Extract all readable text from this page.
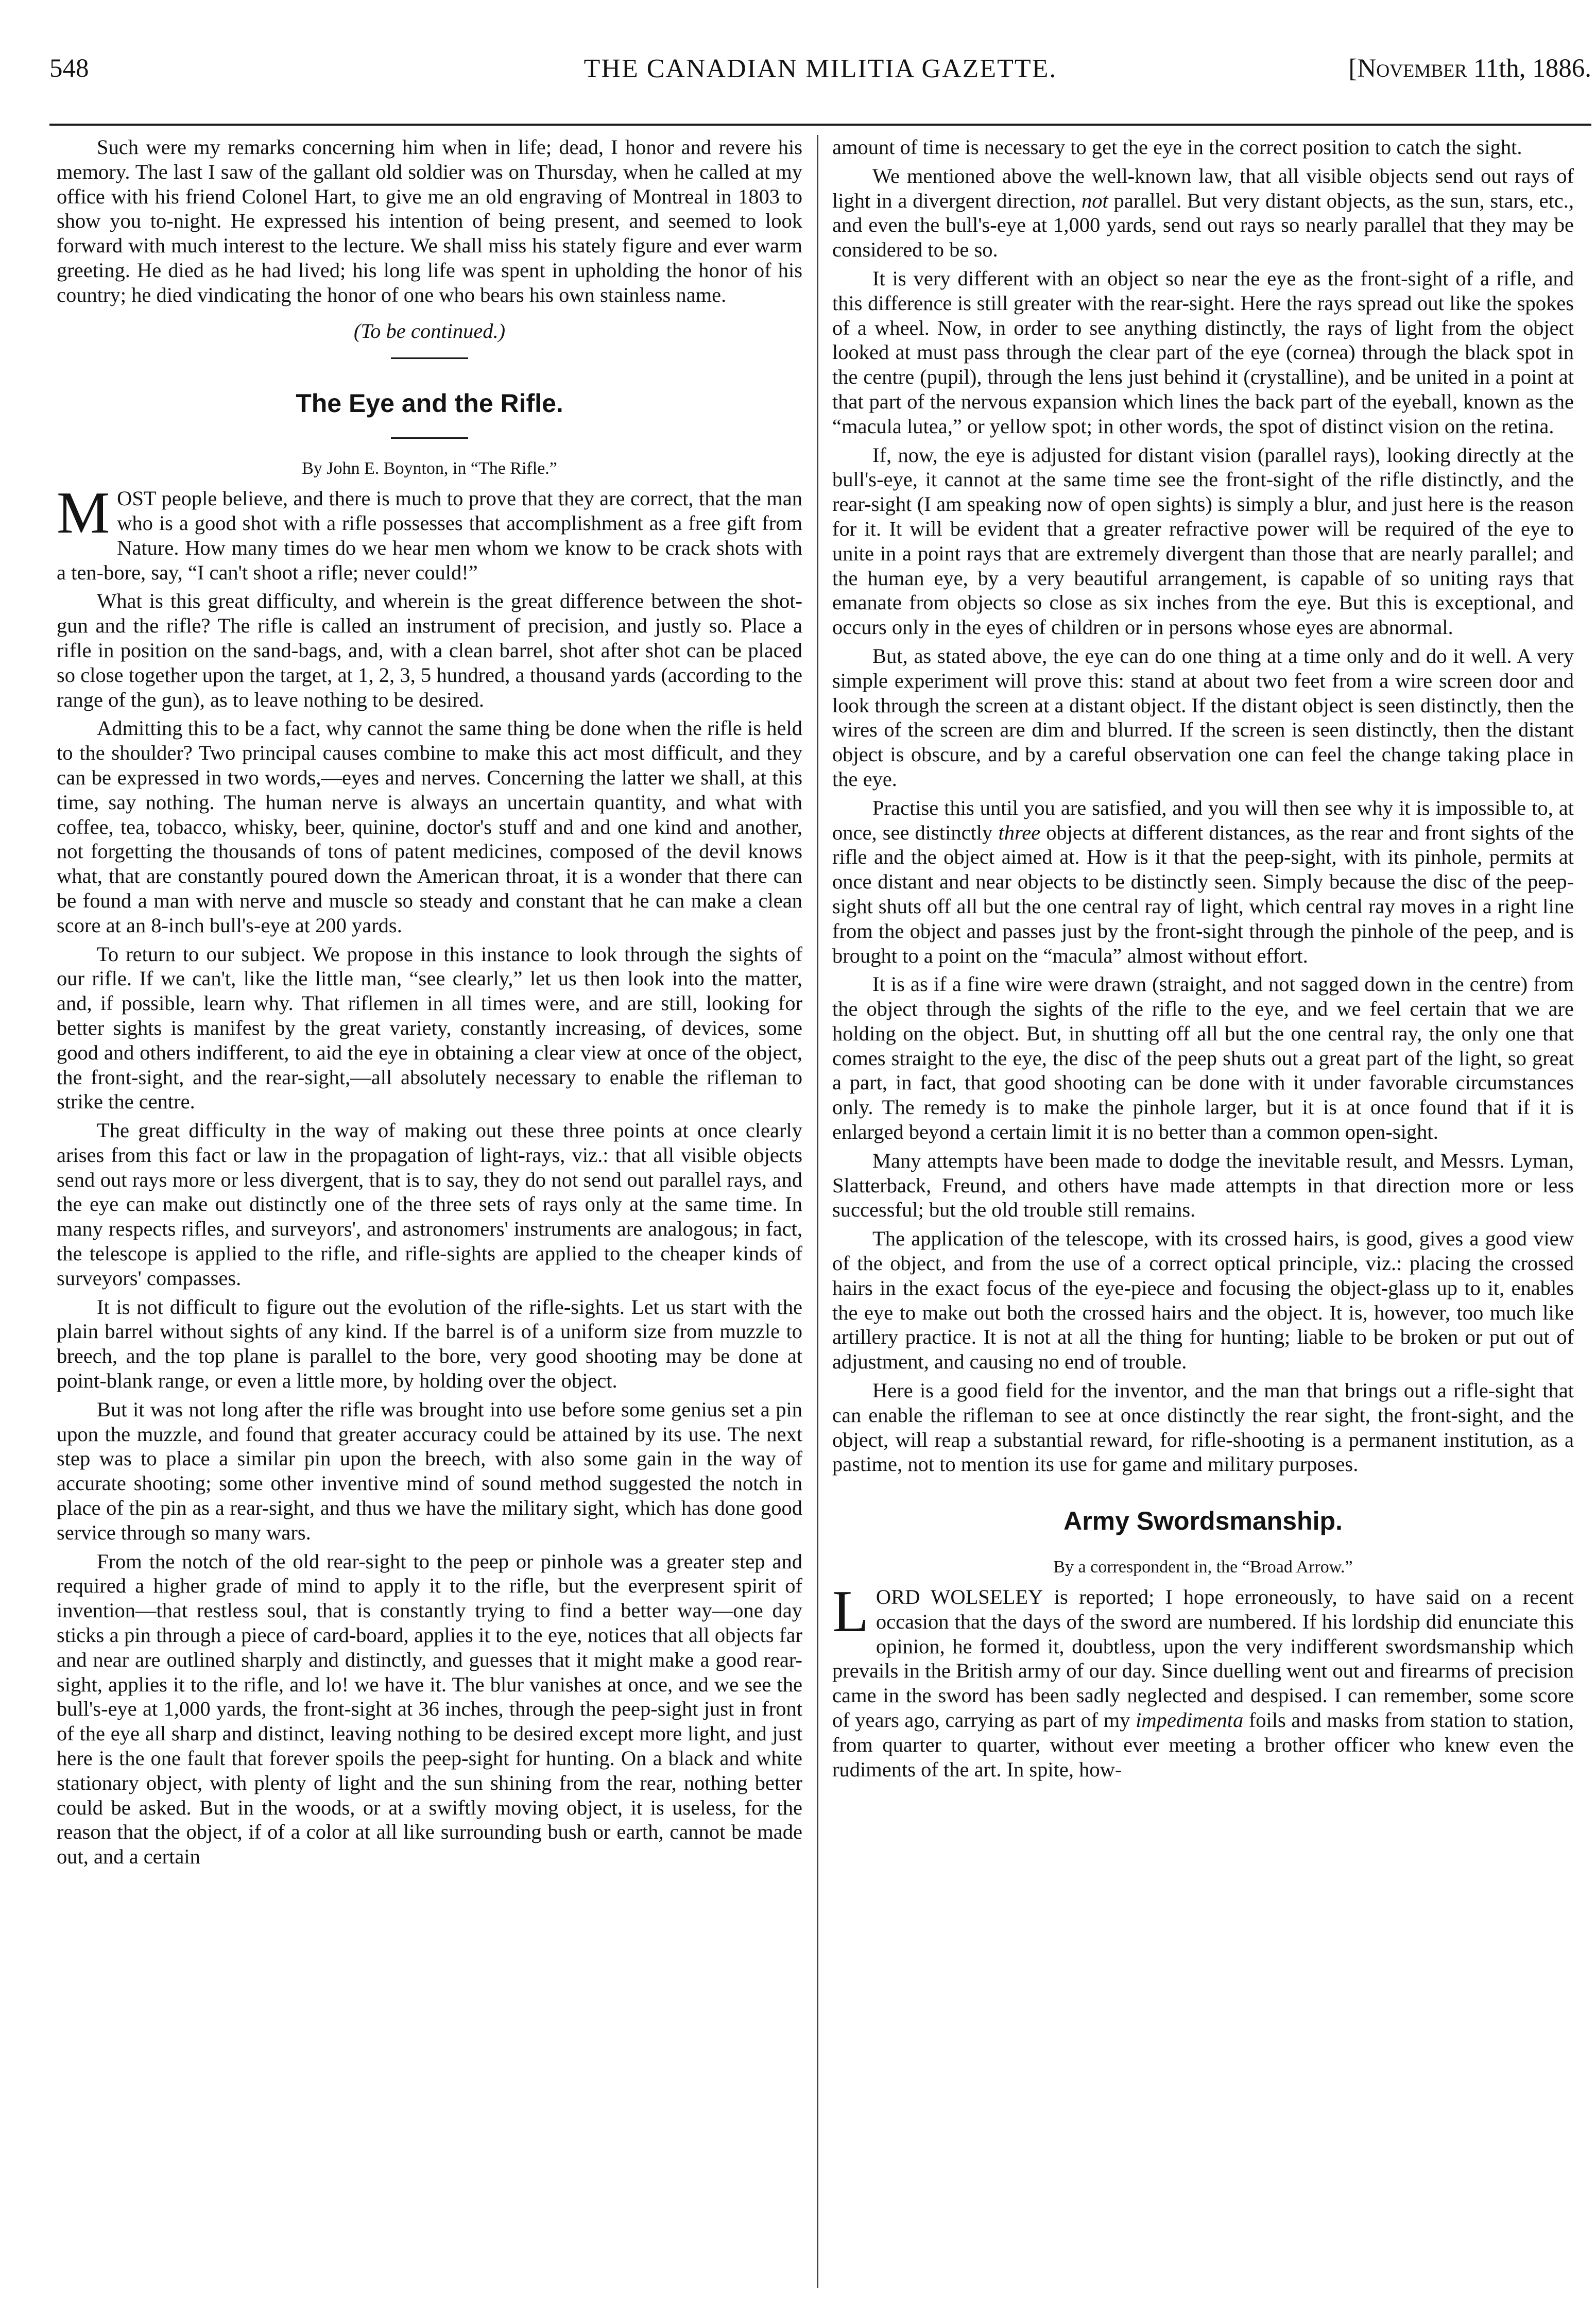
548	THE CANADIAN MILITIA GAZETTE.	[November 11th, 1886.

Such were my remarks concerning him when in life; dead, I honor and revere his memory. The last I saw of the gallant old soldier was on Thursday, when he called at my office with his friend Colonel Hart, to give me an old engraving of Montreal in 1803 to show you to-night. He expressed his intention of being present, and seemed to look forward with much interest to the lecture. We shall miss his stately figure and ever warm greeting. He died as he had lived; his long life was spent in upholding the honor of his country; he died vindicating the honor of one who bears his own stainless name.

(To be continued.)
The Eye and the Rifle.
By John E. Boynton, in “The Rifle.”

MOST people believe, and there is much to prove that they are correct, that the man who is a good shot with a rifle possesses that accomplishment as a free gift from Nature. How many times do we hear men whom we know to be crack shots with a ten-bore, say, “I can't shoot a rifle; never could!”

What is this great difficulty, and wherein is the great difference between the shot-gun and the rifle? The rifle is called an instrument of precision, and justly so. Place a rifle in position on the sand-bags, and, with a clean barrel, shot after shot can be placed so close together upon the target, at 1, 2, 3, 5 hundred, a thousand yards (according to the range of the gun), as to leave nothing to be desired.

Admitting this to be a fact, why cannot the same thing be done when the rifle is held to the shoulder? Two principal causes combine to make this act most difficult, and they can be expressed in two words,—eyes and nerves. Concerning the latter we shall, at this time, say nothing. The human nerve is always an uncertain quantity, and what with coffee, tea, tobacco, whisky, beer, quinine, doctor's stuff and and one kind and another, not forgetting the thousands of tons of patent medicines, composed of the devil knows what, that are constantly poured down the American throat, it is a wonder that there can be found a man with nerve and muscle so steady and constant that he can make a clean score at an 8-inch bull's-eye at 200 yards.

To return to our subject. We propose in this instance to look through the sights of our rifle. If we can't, like the little man, “see clearly,” let us then look into the matter, and, if possible, learn why. That riflemen in all times were, and are still, looking for better sights is manifest by the great variety, constantly increasing, of devices, some good and others indifferent, to aid the eye in obtaining a clear view at once of the object, the front-sight, and the rear-sight,—all absolutely necessary to enable the rifleman to strike the centre.

The great difficulty in the way of making out these three points at once clearly arises from this fact or law in the propagation of light-rays, viz.: that all visible objects send out rays more or less divergent, that is to say, they do not send out parallel rays, and the eye can make out distinctly one of the three sets of rays only at the same time. In many respects rifles, and surveyors', and astronomers' instruments are analogous; in fact, the telescope is applied to the rifle, and rifle-sights are applied to the cheaper kinds of surveyors' compasses.

It is not difficult to figure out the evolution of the rifle-sights. Let us start with the plain barrel without sights of any kind. If the barrel is of a uniform size from muzzle to breech, and the top plane is parallel to the bore, very good shooting may be done at point-blank range, or even a little more, by holding over the object.

But it was not long after the rifle was brought into use before some genius set a pin upon the muzzle, and found that greater accuracy could be attained by its use. The next step was to place a similar pin upon the breech, with also some gain in the way of accurate shooting; some other inventive mind of sound method suggested the notch in place of the pin as a rear-sight, and thus we have the military sight, which has done good service through so many wars.

From the notch of the old rear-sight to the peep or pinhole was a greater step and required a higher grade of mind to apply it to the rifle, but the everpresent spirit of invention—that restless soul, that is constantly trying to find a better way—one day sticks a pin through a piece of card-board, applies it to the eye, notices that all objects far and near are outlined sharply and distinctly, and guesses that it might make a good rear-sight, applies it to the rifle, and lo! we have it. The blur vanishes at once, and we see the bull's-eye at 1,000 yards, the front-sight at 36 inches, through the peep-sight just in front of the eye all sharp and distinct, leaving nothing to be desired except more light, and just here is the one fault that forever spoils the peep-sight for hunting. On a black and white stationary object, with plenty of light and the sun shining from the rear, nothing better could be asked. But in the woods, or at a swiftly moving object, it is useless, for the reason that the object, if of a color at all like surrounding bush or earth, cannot be made out, and a certain

amount of time is necessary to get the eye in the correct position to catch the sight.

We mentioned above the well-known law, that all visible objects send out rays of light in a divergent direction, not parallel. But very distant objects, as the sun, stars, etc., and even the bull's-eye at 1,000 yards, send out rays so nearly parallel that they may be considered to be so.

It is very different with an object so near the eye as the front-sight of a rifle, and this difference is still greater with the rear-sight. Here the rays spread out like the spokes of a wheel. Now, in order to see anything distinctly, the rays of light from the object looked at must pass through the clear part of the eye (cornea) through the black spot in the centre (pupil), through the lens just behind it (crystalline), and be united in a point at that part of the nervous expansion which lines the back part of the eyeball, known as the “macula lutea,” or yellow spot; in other words, the spot of distinct vision on the retina.

If, now, the eye is adjusted for distant vision (parallel rays), looking directly at the bull's-eye, it cannot at the same time see the front-sight of the rifle distinctly, and the rear-sight (I am speaking now of open sights) is simply a blur, and just here is the reason for it. It will be evident that a greater refractive power will be required of the eye to unite in a point rays that are extremely divergent than those that are nearly parallel; and the human eye, by a very beautiful arrangement, is capable of so uniting rays that emanate from objects so close as six inches from the eye. But this is exceptional, and occurs only in the eyes of children or in persons whose eyes are abnormal.

But, as stated above, the eye can do one thing at a time only and do it well. A very simple experiment will prove this: stand at about two feet from a wire screen door and look through the screen at a distant object. If the distant object is seen distinctly, then the wires of the screen are dim and blurred. If the screen is seen distinctly, then the distant object is obscure, and by a careful observation one can feel the change taking place in the eye.

Practise this until you are satisfied, and you will then see why it is impossible to, at once, see distinctly three objects at different distances, as the rear and front sights of the rifle and the object aimed at. How is it that the peep-sight, with its pinhole, permits at once distant and near objects to be distinctly seen. Simply because the disc of the peep-sight shuts off all but the one central ray of light, which central ray moves in a right line from the object and passes just by the front-sight through the pinhole of the peep, and is brought to a point on the “macula” almost without effort.

It is as if a fine wire were drawn (straight, and not sagged down in the centre) from the object through the sights of the rifle to the eye, and we feel certain that we are holding on the object. But, in shutting off all but the one central ray, the only one that comes straight to the eye, the disc of the peep shuts out a great part of the light, so great a part, in fact, that good shooting can be done with it under favorable circumstances only. The remedy is to make the pinhole larger, but it is at once found that if it is enlarged beyond a certain limit it is no better than a common open-sight.

Many attempts have been made to dodge the inevitable result, and Messrs. Lyman, Slatterback, Freund, and others have made attempts in that direction more or less successful; but the old trouble still remains.

The application of the telescope, with its crossed hairs, is good, gives a good view of the object, and from the use of a correct optical principle, viz.: placing the crossed hairs in the exact focus of the eye-piece and focusing the object-glass up to it, enables the eye to make out both the crossed hairs and the object. It is, however, too much like artillery practice. It is not at all the thing for hunting; liable to be broken or put out of adjustment, and causing no end of trouble.

Here is a good field for the inventor, and the man that brings out a rifle-sight that can enable the rifleman to see at once distinctly the rear sight, the front-sight, and the object, will reap a substantial reward, for rifle-shooting is a permanent institution, as a pastime, not to mention its use for game and military purposes.

Army Swordsmanship.
By a correspondent in, the “Broad Arrow.”

LORD WOLSELEY is reported; I hope erroneously, to have said on a recent occasion that the days of the sword are numbered. If his lordship did enunciate this opinion, he formed it, doubtless, upon the very indifferent swordsmanship which prevails in the British army of our day. Since duelling went out and firearms of precision came in the sword has been sadly neglected and despised. I can remember, some score of years ago, carrying as part of my impedimenta foils and masks from station to station, from quarter to quarter, without ever meeting a brother officer who knew even the rudiments of the art. In spite, how-
